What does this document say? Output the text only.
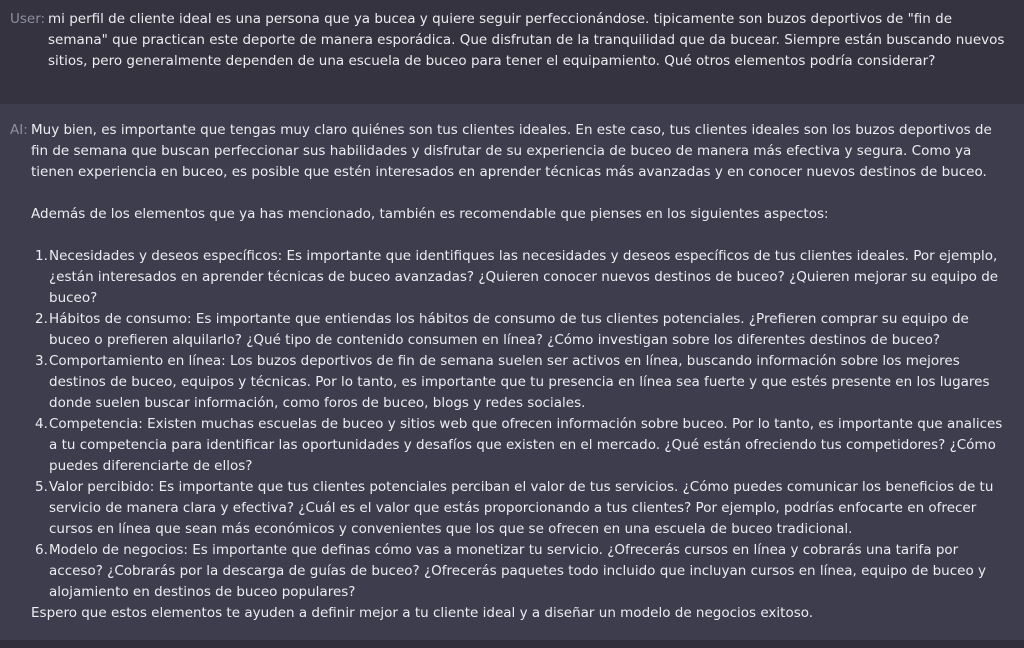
User: mi perfil de cliente ideal es una persona que ya bucea y quiere seguir perfeccionándose. tipicamente son buzos deportivos de "fin de semana" que practican este deporte de manera esporádica. Que disfrutan de la tranquilidad que da bucear. Siempre están buscando nuevos sitios, pero generalmente dependen de una escuela de buceo para tener el equipamiento. Qué otros elementos podría considerar?
AI: Muy bien, es importante que tengas muy claro quiénes son tus clientes ideales. En este caso, tus clientes ideales son los buzos deportivos de fin de semana que buscan perfeccionar sus habilidades y disfrutar de su experiencia de buceo de manera más efectiva y segura. Como ya tienen experiencia en buceo, es posible que estén interesados en aprender técnicas más avanzadas y en conocer nuevos destinos de buceo.

Además de los elementos que ya has mencionado, también es recomendable que pienses en los siguientes aspectos:

1. Necesidades y deseos específicos: Es importante que identifiques las necesidades y deseos específicos de tus clientes ideales. Por ejemplo, ¿están interesados en aprender técnicas de buceo avanzadas? ¿Quieren conocer nuevos destinos de buceo? ¿Quieren mejorar su equipo de buceo?
2. Hábitos de consumo: Es importante que entiendas los hábitos de consumo de tus clientes potenciales. ¿Prefieren comprar su equipo de buceo o prefieren alquilarlo? ¿Qué tipo de contenido consumen en línea? ¿Cómo investigan sobre los diferentes destinos de buceo?
3. Comportamiento en línea: Los buzos deportivos de fin de semana suelen ser activos en línea, buscando información sobre los mejores destinos de buceo, equipos y técnicas. Por lo tanto, es importante que tu presencia en línea sea fuerte y que estés presente en los lugares donde suelen buscar información, como foros de buceo, blogs y redes sociales.
4. Competencia: Existen muchas escuelas de buceo y sitios web que ofrecen información sobre buceo. Por lo tanto, es importante que analices a tu competencia para identificar las oportunidades y desafíos que existen en el mercado. ¿Qué están ofreciendo tus competidores? ¿Cómo puedes diferenciarte de ellos?
5. Valor percibido: Es importante que tus clientes potenciales perciban el valor de tus servicios. ¿Cómo puedes comunicar los beneficios de tu servicio de manera clara y efectiva? ¿Cuál es el valor que estás proporcionando a tus clientes? Por ejemplo, podrías enfocarte en ofrecer cursos en línea que sean más económicos y convenientes que los que se ofrecen en una escuela de buceo tradicional.
6. Modelo de negocios: Es importante que definas cómo vas a monetizar tu servicio. ¿Ofrecerás cursos en línea y cobrarás una tarifa por acceso? ¿Cobrarás por la descarga de guías de buceo? ¿Ofrecerás paquetes todo incluido que incluyan cursos en línea, equipo de buceo y alojamiento en destinos de buceo populares?

Espero que estos elementos te ayuden a definir mejor a tu cliente ideal y a diseñar un modelo de negocios exitoso.
